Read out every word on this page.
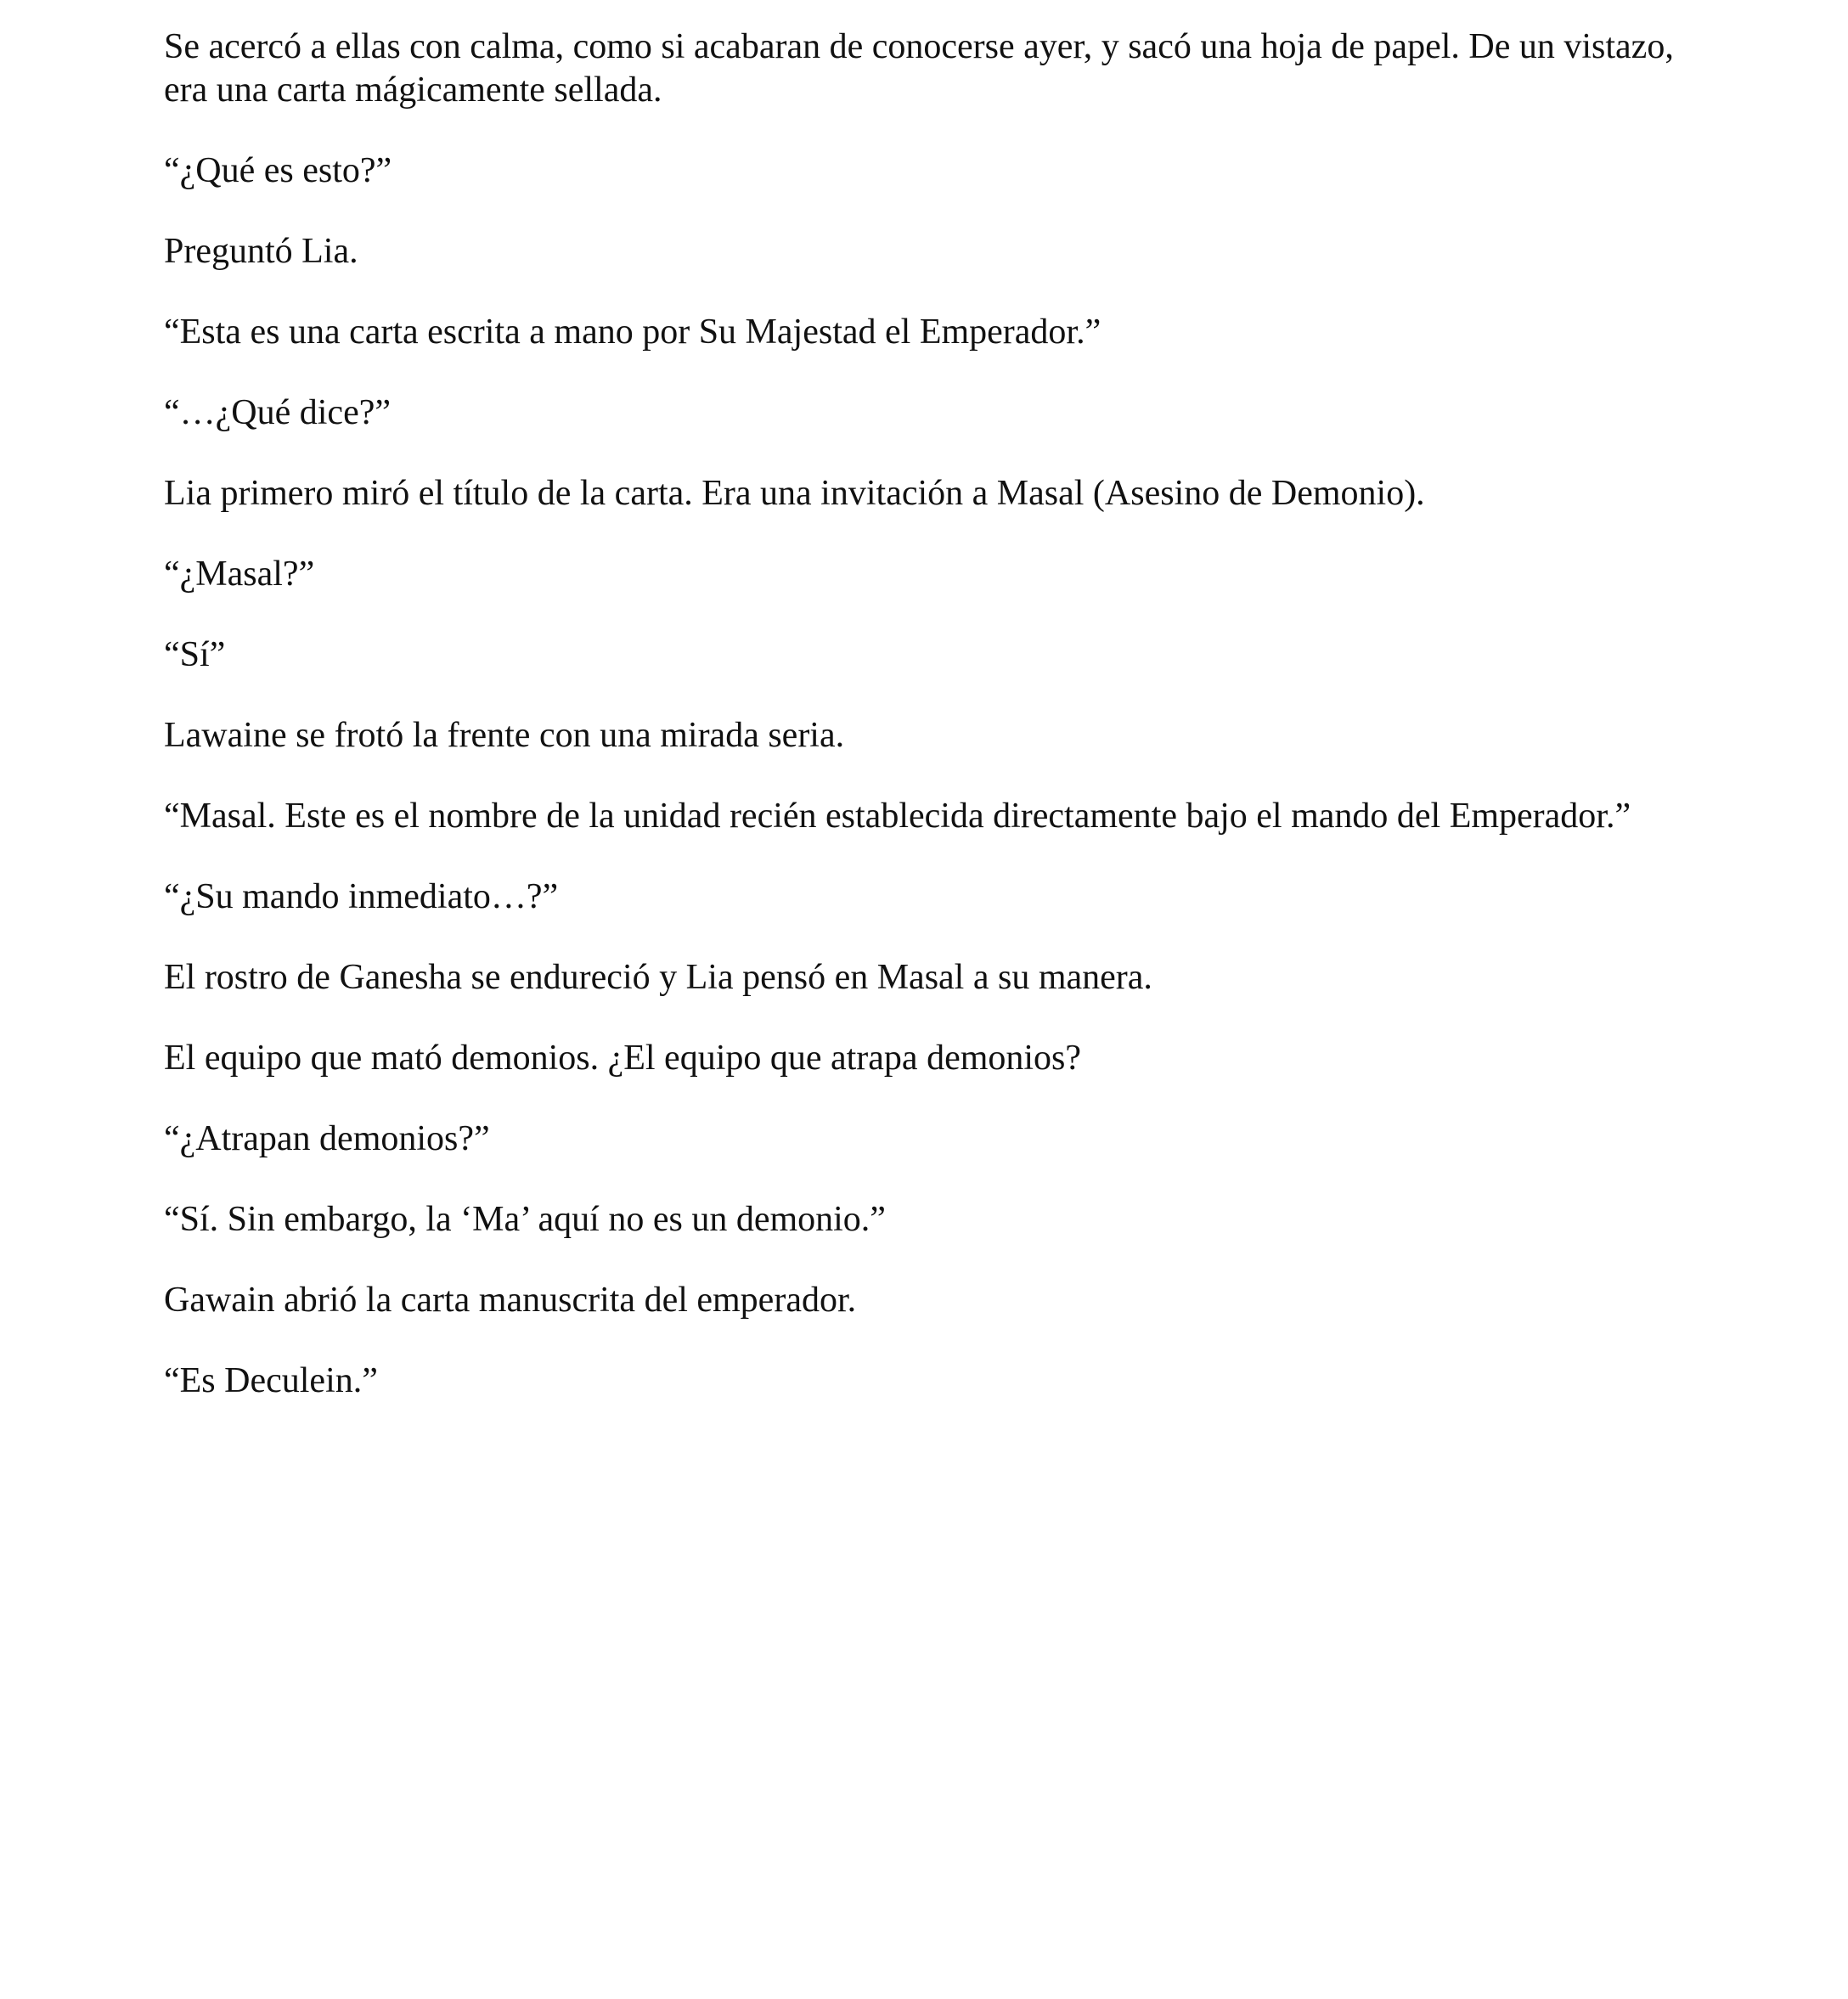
Se acercó a ellas con calma, como si acabaran de conocerse ayer, y sacó una hoja de papel. De un vistazo, era una carta mágicamente sellada.

“¿Qué es esto?”

Preguntó Lia.

“Esta es una carta escrita a mano por Su Majestad el Emperador.”

“…¿Qué dice?”

Lia primero miró el título de la carta. Era una invitación a Masal (Asesino de Demonio).

“¿Masal?”

“Sí”

Lawaine se frotó la frente con una mirada seria.

“Masal. Este es el nombre de la unidad recién establecida directamente bajo el mando del Emperador.”

“¿Su mando inmediato…?”

El rostro de Ganesha se endureció y Lia pensó en Masal a su manera.

El equipo que mató demonios. ¿El equipo que atrapa demonios?

“¿Atrapan demonios?”

“Sí. Sin embargo, la ‘Ma’ aquí no es un demonio.”

Gawain abrió la carta manuscrita del emperador.

“Es Deculein.”
